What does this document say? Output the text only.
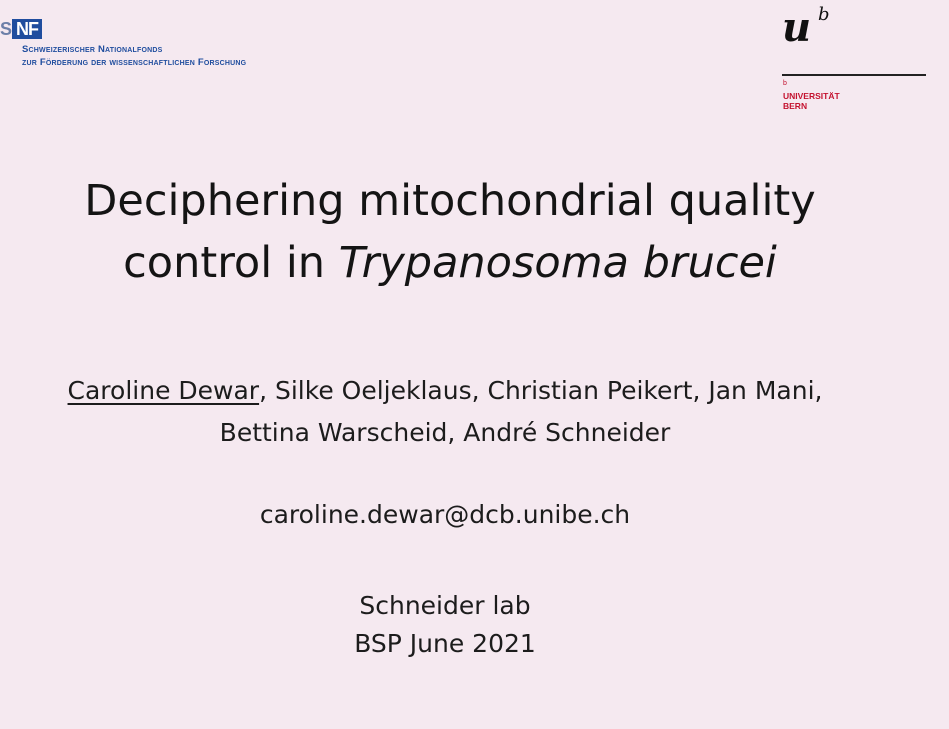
S NF
Schweizerischer Nationalfonds
zur Förderung der wissenschaftlichen Forschung
u b
b
UNIVERSITÄT
BERN
Deciphering mitochondrial quality
control in Trypanosoma brucei
Caroline Dewar, Silke Oeljeklaus, Christian Peikert, Jan Mani,
Bettina Warscheid, André Schneider
caroline.dewar@dcb.unibe.ch
Schneider lab
BSP June 2021
